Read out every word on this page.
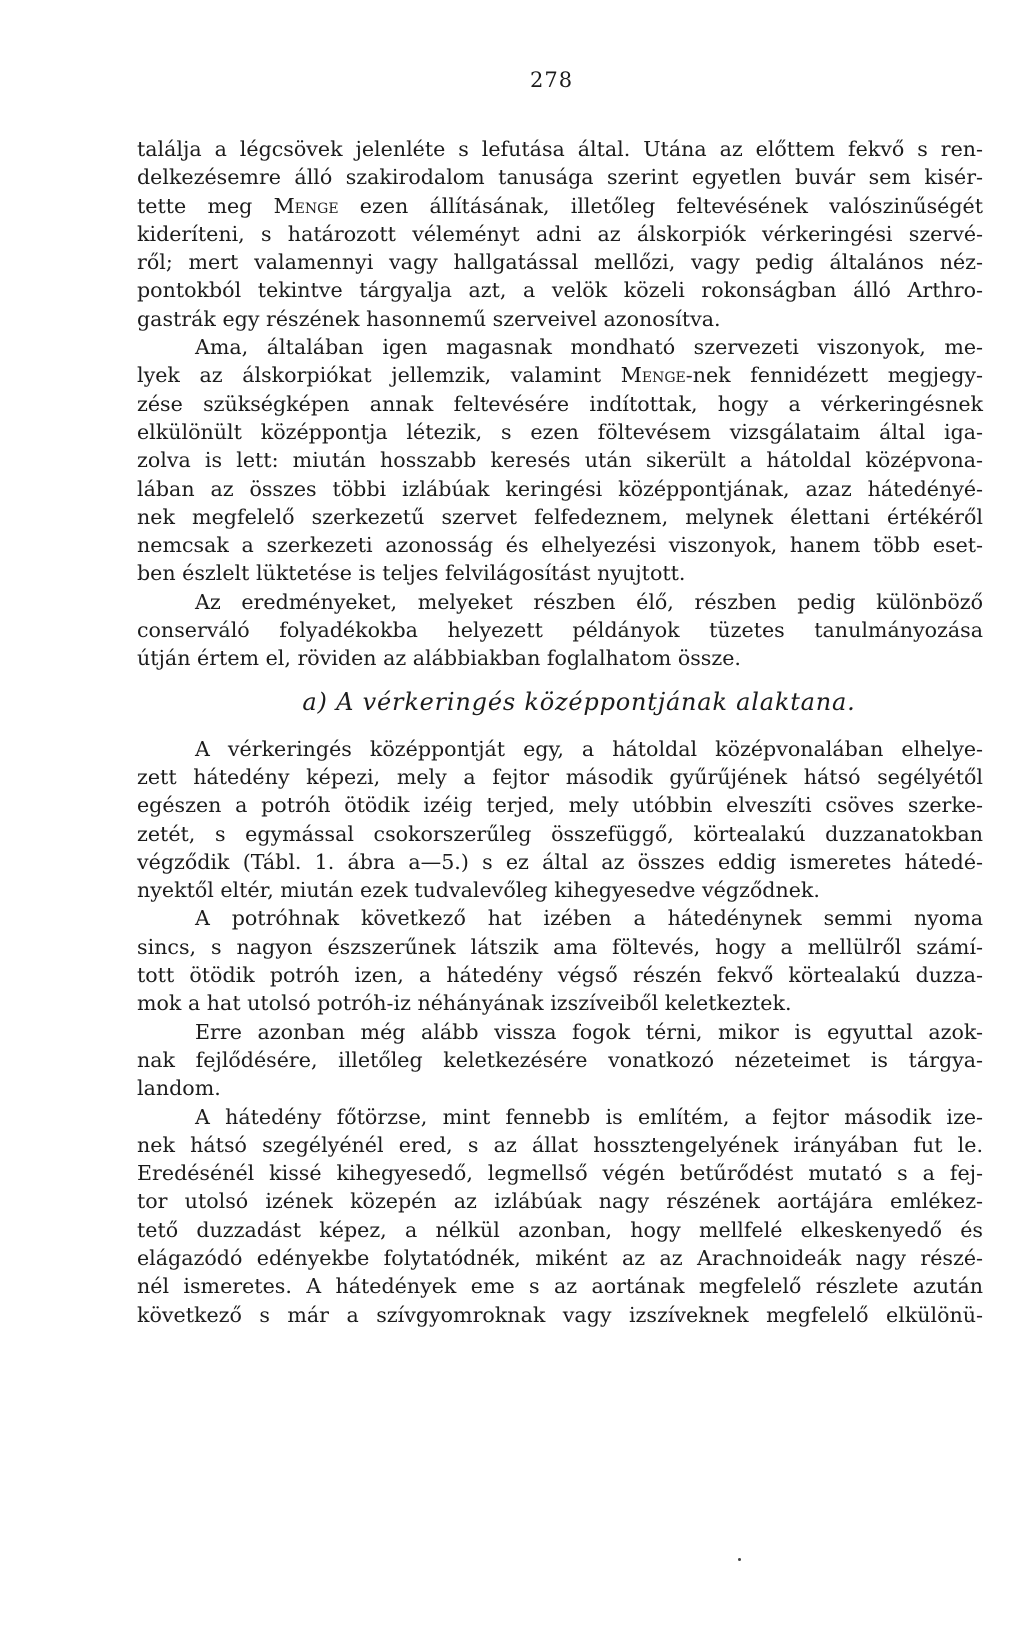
278
találja a légcsövek jelenléte s lefutása által. Utána az előttem fekvő s ren-
delkezésemre álló szakirodalom tanusága szerint egyetlen buvár sem kisér-
tette meg Menge ezen állításának, illetőleg feltevésének valószinűségét
kideríteni, s határozott véleményt adni az álskorpiók vérkeringési szervé-
ről; mert valamennyi vagy hallgatással mellőzi, vagy pedig általános néz-
pontokból tekintve tárgyalja azt, a velök közeli rokonságban álló Arthro-
gastrák egy részének hasonnemű szerveivel azonosítva.
Ama, általában igen magasnak mondható szervezeti viszonyok, me-
lyek az álskorpiókat jellemzik, valamint Menge-nek fennidézett megjegy-
zése szükségképen annak feltevésére indítottak, hogy a vérkeringésnek
elkülönült középpontja létezik, s ezen föltevésem vizsgálataim által iga-
zolva is lett: miután hosszabb keresés után sikerült a hátoldal középvona-
lában az összes többi izlábúak keringési középpontjának, azaz hátedényé-
nek megfelelő szerkezetű szervet felfedeznem, melynek élettani értékéről
nemcsak a szerkezeti azonosság és elhelyezési viszonyok, hanem több eset-
ben észlelt lüktetése is teljes felvilágosítást nyujtott.
Az eredményeket, melyeket részben élő, részben pedig különböző
conserváló folyadékokba helyezett példányok tüzetes tanulmányozása
útján értem el, röviden az alábbiakban foglalhatom össze.
a) A vérkeringés középpontjának alaktana.
A vérkeringés középpontját egy, a hátoldal középvonalában elhelye-
zett hátedény képezi, mely a fejtor második gyűrűjének hátsó segélyétől
egészen a potróh ötödik izéig terjed, mely utóbbin elveszíti csöves szerke-
zetét, s egymással csokorszerűleg összefüggő, körtealakú duzzanatokban
végződik (Tábl. 1. ábra a—5.) s ez által az összes eddig ismeretes hátedé-
nyektől eltér, miután ezek tudvalevőleg kihegyesedve végződnek.
A potróhnak következő hat izében a hátedénynek semmi nyoma
sincs, s nagyon észszerűnek látszik ama föltevés, hogy a mellülről számí-
tott ötödik potróh izen, a hátedény végső részén fekvő körtealakú duzza-
mok a hat utolsó potróh-iz néhányának izszíveiből keletkeztek.
Erre azonban még alább vissza fogok térni, mikor is egyuttal azok-
nak fejlődésére, illetőleg keletkezésére vonatkozó nézeteimet is tárgya-
landom.
A hátedény főtörzse, mint fennebb is említém, a fejtor második ize-
nek hátsó szegélyénél ered, s az állat hossztengelyének irányában fut le.
Eredésénél kissé kihegyesedő, legmellső végén betűrődést mutató s a fej-
tor utolsó izének közepén az izlábúak nagy részének aortájára emlékez-
tető duzzadást képez, a nélkül azonban, hogy mellfelé elkeskenyedő és
elágazódó edényekbe folytatódnék, miként az az Arachnoideák nagy részé-
nél ismeretes. A hátedények eme s az aortának megfelelő részlete azután
következő s már a szívgyomroknak vagy izszíveknek megfelelő elkülönü-
